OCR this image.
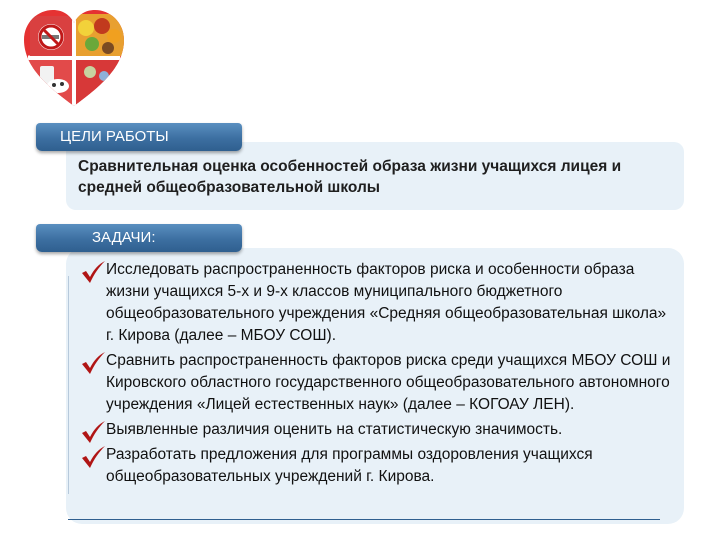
Сравнительная оценка особенностей образа жизни учащихся лицея и средней общеобразовательной школы

ЦЕЛИ РАБОТЫ
ЗАДАЧИ:
Исследовать распространенность факторов риска и особенности образа жизни учащихся 5-х и 9-х классов муниципального бюджетного общеобразовательного учреждения «Средняя общеобразовательная школа» г. Кирова (далее – МБОУ СОШ).
Сравнить распространенность факторов риска среди учащихся МБОУ СОШ и Кировского областного государственного общеобразовательного автономного учреждения «Лицей естественных наук» (далее – КОГОАУ ЛЕН).
Выявленные различия оценить на статистическую значимость.
Разработать предложения для программы оздоровления учащихся общеобразовательных учреждений г. Кирова.
